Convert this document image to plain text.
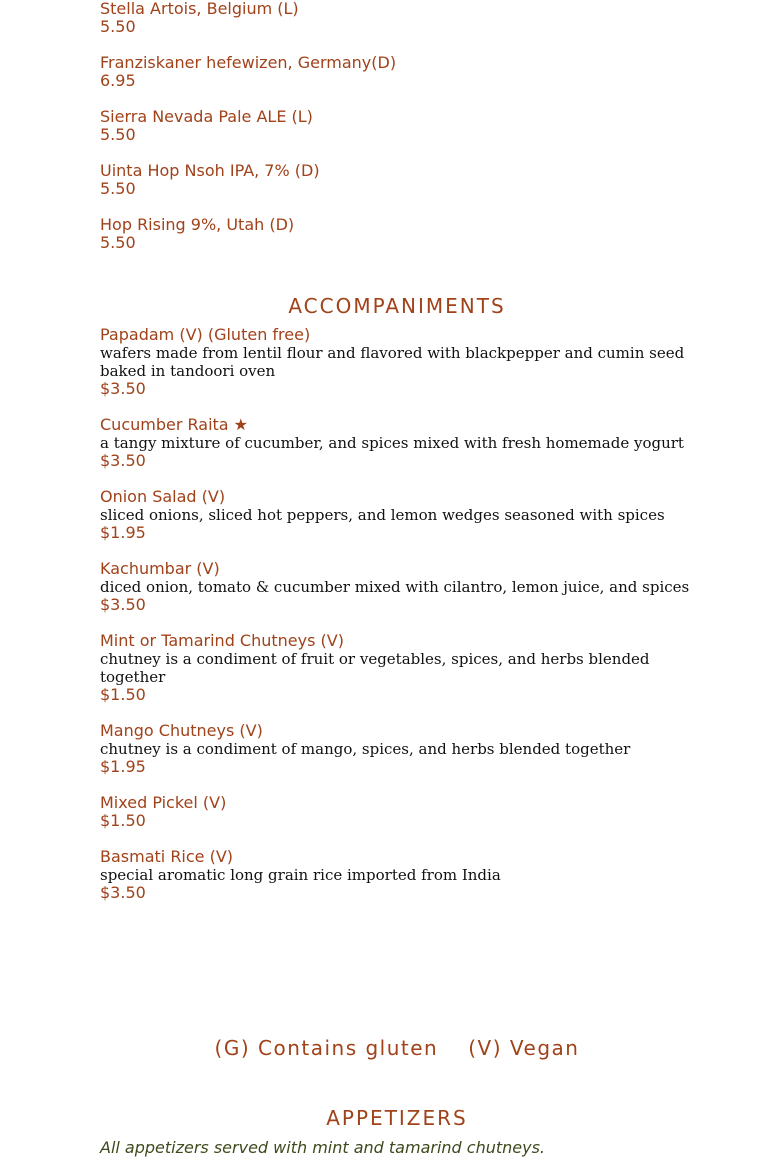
Stella Artois, Belgium (L)
5.50
Franziskaner hefewizen, Germany(D)
6.95
Sierra Nevada Pale ALE (L)
5.50
Uinta Hop Nsoh IPA, 7% (D)
5.50
Hop Rising 9%, Utah (D)
5.50
ACCOMPANIMENTS
Papadam (V) (Gluten free)
wafers made from lentil flour and flavored with blackpepper and cumin seed baked in tandoori oven
$3.50
Cucumber Raita ★
a tangy mixture of cucumber, and spices mixed with fresh homemade yogurt
$3.50
Onion Salad (V)
sliced onions, sliced hot peppers, and lemon wedges seasoned with spices
$1.95
Kachumbar (V)
diced onion, tomato & cucumber mixed with cilantro, lemon juice, and spices
$3.50
Mint or Tamarind Chutneys (V)
chutney is a condiment of fruit or vegetables, spices, and herbs blended together
$1.50
Mango Chutneys (V)
chutney is a condiment of mango, spices, and herbs blended together
$1.95
Mixed Pickel (V)
$1.50
Basmati Rice (V)
special aromatic long grain rice imported from India
$3.50
(G) Contains gluten (V) Vegan
APPETIZERS
All appetizers served with mint and tamarind chutneys.
